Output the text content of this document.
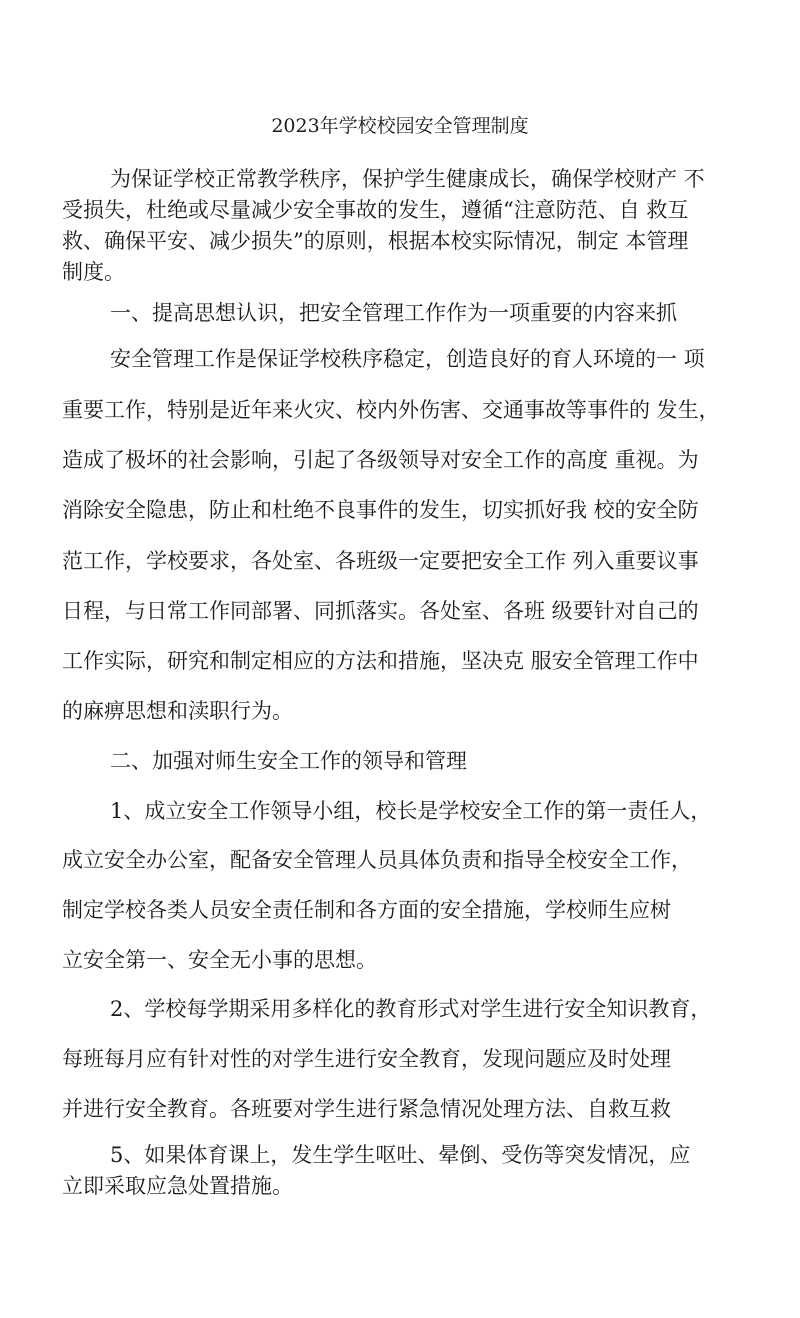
2023年学校校园安全管理制度
为保证学校正常教学秩序，保护学生健康成长，确保学校财产 不
受损失，杜绝或尽量减少安全事故的发生，遵循“注意防范、自 救互
救、确保平安、减少损失”的原则，根据本校实际情况，制定 本管理
制度。
一、提高思想认识，把安全管理工作作为一项重要的内容来抓
安全管理工作是保证学校秩序稳定，创造良好的育人环境的一 项
重要工作，特别是近年来火灾、校内外伤害、交通事故等事件的 发生，
造成了极坏的社会影响，引起了各级领导对安全工作的高度 重视。为
消除安全隐患，防止和杜绝不良事件的发生，切实抓好我 校的安全防
范工作，学校要求，各处室、各班级一定要把安全工作 列入重要议事
日程，与日常工作同部署、同抓落实。各处室、各班 级要针对自己的
工作实际，研究和制定相应的方法和措施，坚决克 服安全管理工作中
的麻痹思想和渎职行为。
二、加强对师生安全工作的领导和管理
1、成立安全工作领导小组，校长是学校安全工作的第一责任人，
成立安全办公室，配备安全管理人员具体负责和指导全校安全工作，
制定学校各类人员安全责任制和各方面的安全措施，学校师生应树
立安全第一、安全无小事的思想。
2、学校每学期采用多样化的教育形式对学生进行安全知识教育，
每班每月应有针对性的对学生进行安全教育，发现问题应及时处理
并进行安全教育。各班要对学生进行紧急情况处理方法、自救互救
5、如果体育课上，发生学生呕吐、晕倒、受伤等突发情况，应
立即采取应急处置措施。
